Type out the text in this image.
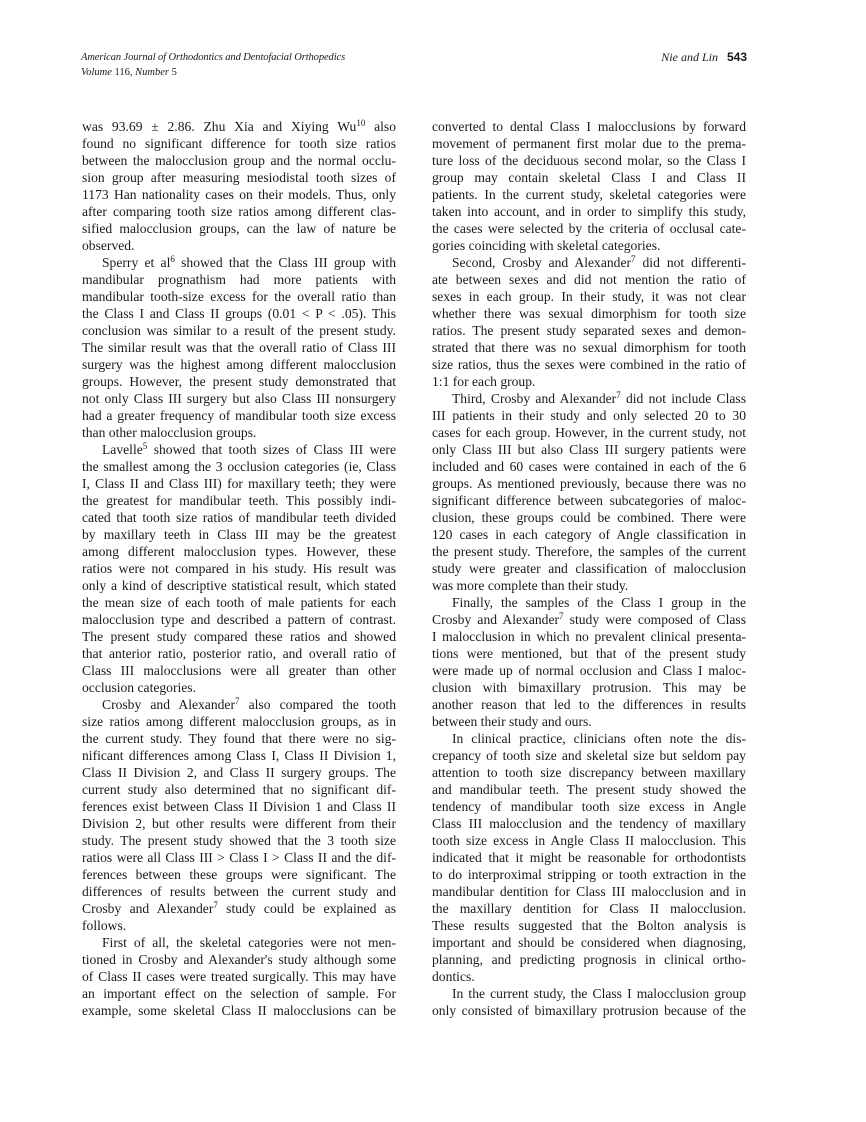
American Journal of Orthodontics and Dentofacial Orthopedics
Volume 116, Number 5
Nie and Lin 543
was 93.69 ± 2.86. Zhu Xia and Xiying Wu$^{10}$ also
found no significant difference for tooth size ratios
between the malocclusion group and the normal occlu-
sion group after measuring mesiodistal tooth sizes of
1173 Han nationality cases on their models. Thus, only
after comparing tooth size ratios among different clas-
sified malocclusion groups, can the law of nature be
observed.
Sperry et $al^6$ showed that the Class III group with
mandibular prognathism had more patients with
mandibular tooth-size excess for the overall ratio than
the Class I and Class II groups (0.01 < P < .05). This
conclusion was similar to a result of the present study.
The similar result was that the overall ratio of Class III
surgery was the highest among different malocclusion
groups. However, the present study demonstrated that
not only Class III surgery but also Class III nonsurgery
had a greater frequency of mandibular tooth size excess
than other malocclusion groups.
Lavelle$^5$ showed that tooth sizes of Class III were
the smallest among the 3 occlusion categories (ie, Class
I, Class II and Class III) for maxillary teeth; they were
the greatest for mandibular teeth. This possibly indi-
cated that tooth size ratios of mandibular teeth divided
by maxillary teeth in Class III may be the greatest
among different malocclusion types. However, these
ratios were not compared in his study. His result was
only a kind of descriptive statistical result, which stated
the mean size of each tooth of male patients for each
malocclusion type and described a pattern of contrast.
The present study compared these ratios and showed
that anterior ratio, posterior ratio, and overall ratio of
Class III malocclusions were all greater than other
occlusion categories.
Crosby and Alexander$^7$ also compared the tooth
size ratios among different malocclusion groups, as in
the current study. They found that there were no sig-
nificant differences among Class I, Class II Division 1,
Class II Division 2, and Class II surgery groups. The
current study also determined that no significant dif-
ferences exist between Class II Division 1 and Class II
Division 2, but other results were different from their
study. The present study showed that the 3 tooth size
ratios were all Class III > Class I > Class II and the dif-
ferences between these groups were significant. The
differences of results between the current study and
Crosby and Alexander$^7$ study could be explained as
follows.
First of all, the skeletal categories were not men-
tioned in Crosby and Alexander's study although some
of Class II cases were treated surgically. This may have
an important effect on the selection of sample. For
example, some skeletal Class II malocclusions can be
converted to dental Class I malocclusions by forward
movement of permanent first molar due to the prema-
ture loss of the deciduous second molar, so the Class I
group may contain skeletal Class I and Class II
patients. In the current study, skeletal categories were
taken into account, and in order to simplify this study,
the cases were selected by the criteria of occlusal cate-
gories coinciding with skeletal categories.
Second, Crosby and Alexander$^7$ did not differenti-
ate between sexes and did not mention the ratio of
sexes in each group. In their study, it was not clear
whether there was sexual dimorphism for tooth size
ratios. The present study separated sexes and demon-
strated that there was no sexual dimorphism for tooth
size ratios, thus the sexes were combined in the ratio of
1:1 for each group.
Third, Crosby and Alexander$^7$ did not include Class
III patients in their study and only selected 20 to 30
cases for each group. However, in the current study, not
only Class III but also Class III surgery patients were
included and 60 cases were contained in each of the 6
groups. As mentioned previously, because there was no
significant difference between subcategories of maloc-
clusion, these groups could be combined. There were
120 cases in each category of Angle classification in
the present study. Therefore, the samples of the current
study were greater and classification of malocclusion
was more complete than their study.
Finally, the samples of the Class I group in the
Crosby and Alexander$^7$ study were composed of Class
I malocclusion in which no prevalent clinical presenta-
tions were mentioned, but that of the present study
were made up of normal occlusion and Class I maloc-
clusion with bimaxillary protrusion. This may be
another reason that led to the differences in results
between their study and ours.
In clinical practice, clinicians often note the dis-
crepancy of tooth size and skeletal size but seldom pay
attention to tooth size discrepancy between maxillary
and mandibular teeth. The present study showed the
tendency of mandibular tooth size excess in Angle
Class III malocclusion and the tendency of maxillary
tooth size excess in Angle Class II malocclusion. This
indicated that it might be reasonable for orthodontists
to do interproximal stripping or tooth extraction in the
mandibular dentition for Class III malocclusion and in
the maxillary dentition for Class II malocclusion.
These results suggested that the Bolton analysis is
important and should be considered when diagnosing,
planning, and predicting prognosis in clinical ortho-
dontics.
In the current study, the Class I malocclusion group
only consisted of bimaxillary protrusion because of the
